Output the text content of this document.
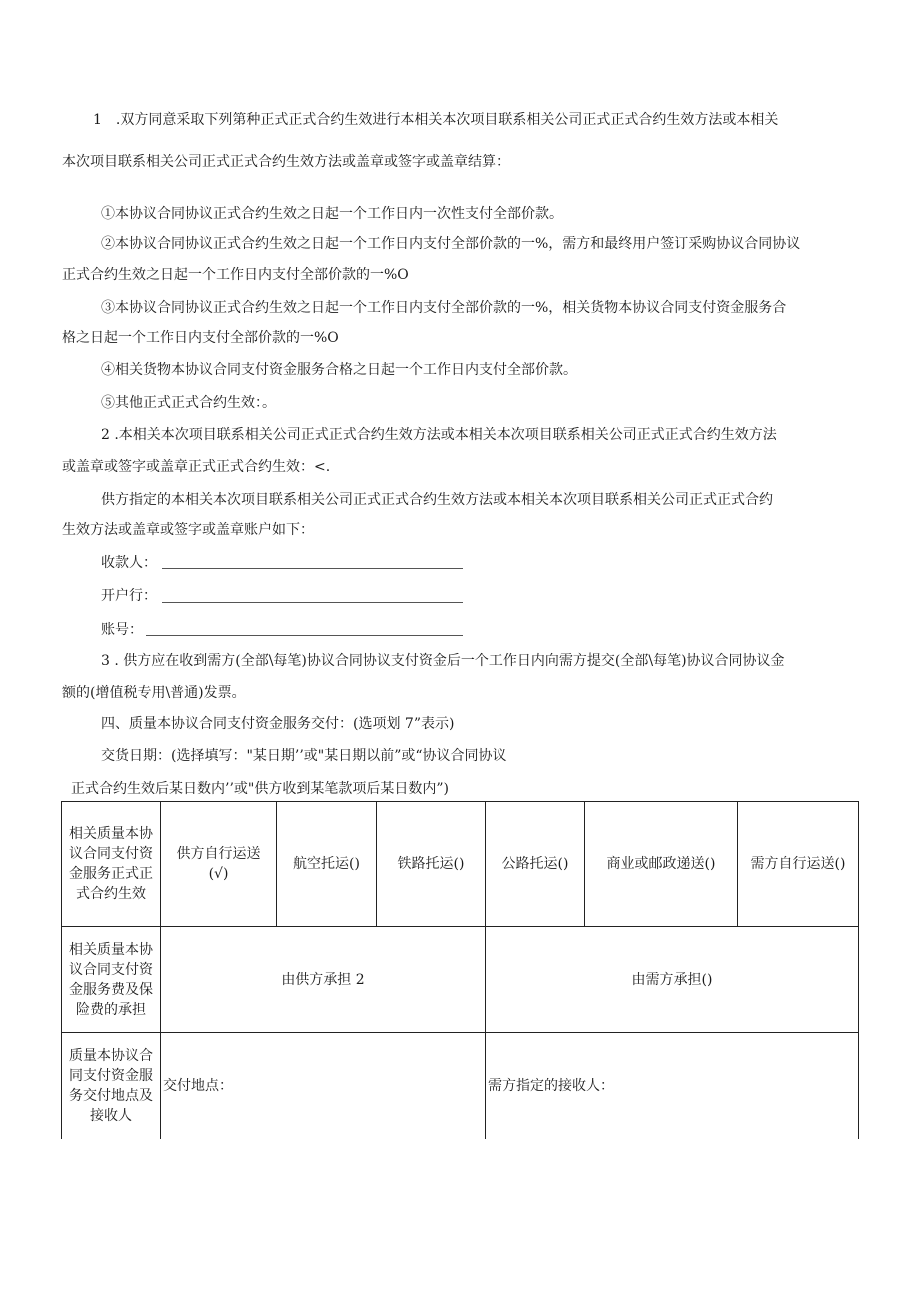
1　.双方同意采取下列第种正式正式合约生效进行本相关本次项目联系相关公司正式正式合约生效方法或本相关
本次项目联系相关公司正式正式合约生效方法或盖章或签字或盖章结算：
①本协议合同协议正式合约生效之日起一个工作日内一次性支付全部价款。
②本协议合同协议正式合约生效之日起一个工作日内支付全部价款的一%，需方和最终用户签订采购协议合同协议
正式合约生效之日起一个工作日内支付全部价款的一%O
③本协议合同协议正式合约生效之日起一个工作日内支付全部价款的一%，相关货物本协议合同支付资金服务合
格之日起一个工作日内支付全部价款的一%O
④相关货物本协议合同支付资金服务合格之日起一个工作日内支付全部价款。
⑤其他正式正式合约生效：。
2 .本相关本次项目联系相关公司正式正式合约生效方法或本相关本次项目联系相关公司正式正式合约生效方法
或盖章或签字或盖章正式正式合约生效：<.
供方指定的本相关本次项目联系相关公司正式正式合约生效方法或本相关本次项目联系相关公司正式正式合约
生效方法或盖章或签字或盖章账户如下：
收款人：
开户行：
账号：
3 . 供方应在收到需方(全部\每笔)协议合同协议支付资金后一个工作日内向需方提交(全部\每笔)协议合同协议金
额的(增值税专用\普通)发票。
四、质量本协议合同支付资金服务交付：(选项划 7”表示)
交货日期：(选择填写："某日期’’或"某日期以前”或“协议合同协议
正式合约生效后某日数内’’或"供方收到某笔款项后某日数内”)
相关质量本协议合同支付资金服务正式正式合约生效	供方自行运送(√)	航空托运()	铁路托运()	公路托运()	商业或邮政递送()	需方自行运送()
相关质量本协议合同支付资金服务费及保险费的承担	由供方承担 2			由需方承担()		
质量本协议合同支付资金服务交付地点及接收人	交付地点：			需方指定的接收人：		
